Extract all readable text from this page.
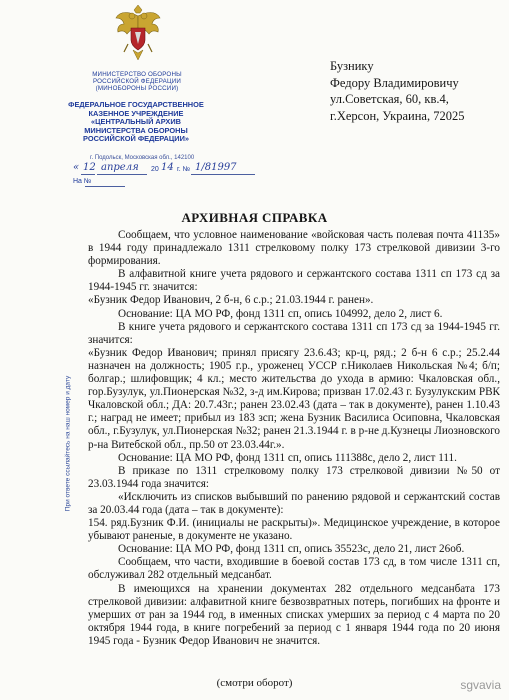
МИНИСТЕРСТВО ОБОРОНЫ
РОССИЙСКОЙ ФЕДЕРАЦИИ
(МИНОБОРОНЫ РОССИИ)
ФЕДЕРАЛЬНОЕ ГОСУДАРСТВЕННОЕ
КАЗЕННОЕ УЧРЕЖДЕНИЕ
«ЦЕНТРАЛЬНЫЙ АРХИВ
МИНИСТЕРСТВА ОБОРОНЫ
РОССИЙСКОЙ ФЕДЕРАЦИИ»
г. Подольск, Московская обл., 142100
« 12 апреля 20 14 г. № 1/81997
На №
При ответе ссылайтесь на наш номер и дату
Бузнику
Федору Владимировичу
ул.Советская, 60, кв.4,
г.Херсон, Украина, 72025
АРХИВНАЯ СПРАВКА

Сообщаем, что условное наименование «войсковая часть полевая почта 41135» в 1944 году принадлежало 1311 стрелковому полку 173 стрелковой дивизии 3-го формирования.

В алфавитной книге учета рядового и сержантского состава 1311 сп 173 сд за 1944-1945 гг. значится:

«Бузник Федор Иванович, 2 б-н, 6 с.р.; 21.03.1944 г. ранен».

Основание: ЦА МО РФ, фонд 1311 сп, опись 104992, дело 2, лист 6.

В книге учета рядового и сержантского состава 1311 сп 173 сд за 1944-1945 гг. значится:

«Бузник Федор Иванович; принял присягу 23.6.43; кр-ц, ряд.; 2 б-н 6 с.р.; 25.2.44 назначен на должность; 1905 г.р., уроженец УССР г.Николаев Никольская №4; б/п; болгар.; шлифовщик; 4 кл.; место жительства до ухода в армию: Чкаловская обл., гор.Бузулук, ул.Пионерская №32, з-д им.Кирова; призван 17.02.43 г. Бузулукским РВК Чкаловской обл.; ДА: 20.7.43г.; ранен 23.02.43 (дата – так в документе), ранен 1.10.43 г.; наград не имеет; прибыл из 183 зсп; жена Бузник Василиса Осиповна, Чкаловская обл., г.Бузулук, ул.Пионерская №32; ранен 21.3.1944 г. в р-не д.Кузнецы Лиозновского р-на Витебской обл., пр.50 от 23.03.44г.».

Основание: ЦА МО РФ, фонд 1311 сп, опись 111388с, дело 2, лист 111.

В приказе по 1311 стрелковому полку 173 стрелковой дивизии №50 от 23.03.1944 года значится:

«Исключить из списков выбывший по ранению рядовой и сержантский состав за 20.03.44 года (дата – так в документе):

154. ряд.Бузник Ф.И. (инициалы не раскрыты)». Медицинское учреждение, в которое убывают раненые, в документе не указано.

Основание: ЦА МО РФ, фонд 1311 сп, опись 35523с, дело 21, лист 26об.

Сообщаем, что части, входившие в боевой состав 173 сд, в том числе 1311 сп, обслуживал 282 отдельный медсанбат.

В имеющихся на хранении документах 282 отдельного медсанбата 173 стрелковой дивизии: алфавитной книге безвозвратных потерь, погибших на фронте и умерших от ран за 1944 год, в именных списках умерших за период с 4 марта по 20 октября 1944 года, в книге погребений за период с 1 января 1944 года по 20 июня 1945 года - Бузник Федор Иванович не значится.

(смотри оборот)	sgvavia
